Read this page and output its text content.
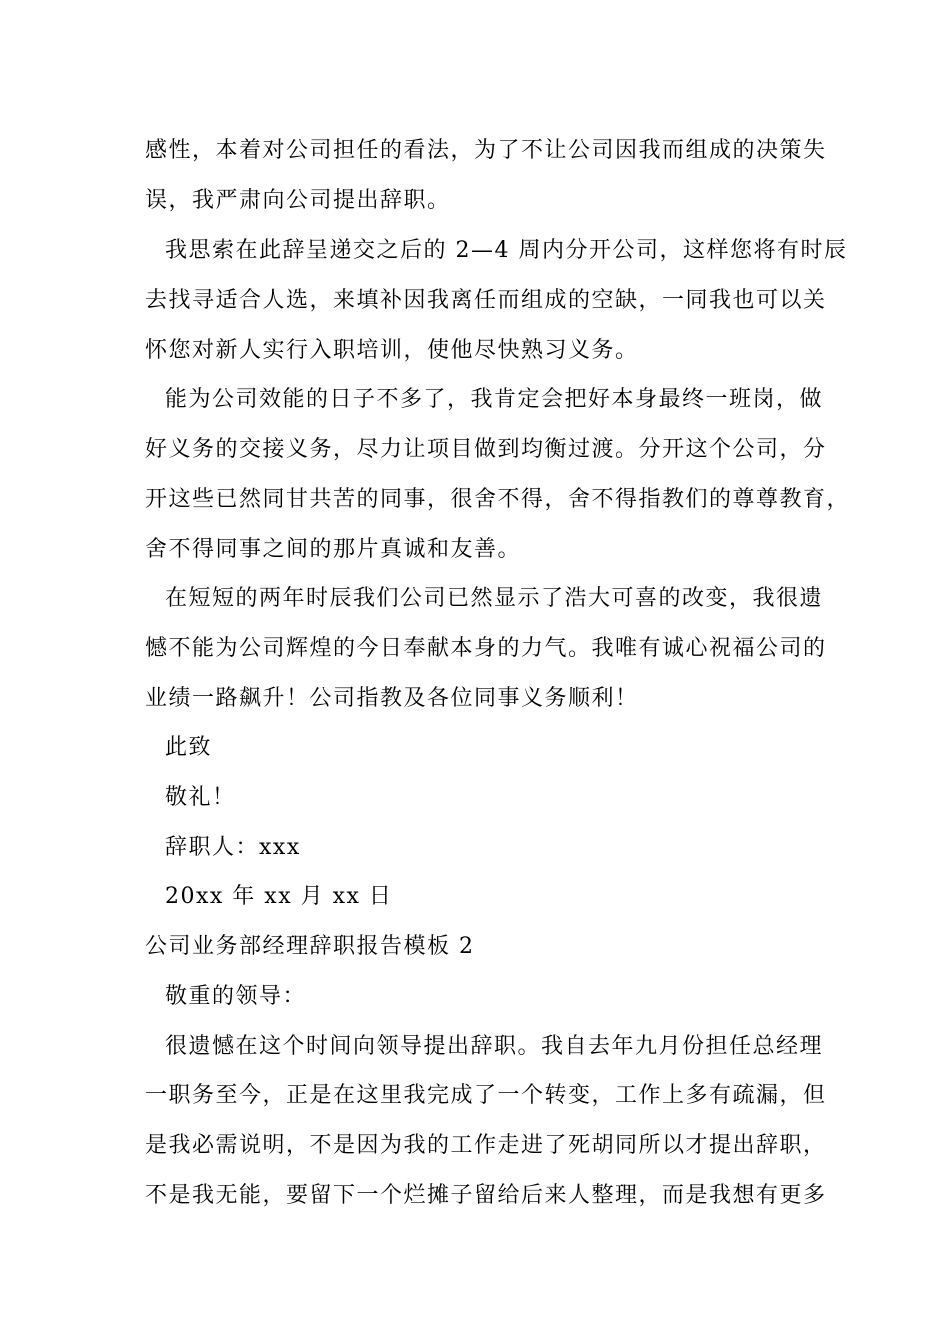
感性，本着对公司担任的看法，为了不让公司因我而组成的决策失
误，我严肃向公司提出辞职。
我思索在此辞呈递交之后的 2—4 周内分开公司，这样您将有时辰
去找寻适合人选，来填补因我离任而组成的空缺，一同我也可以关
怀您对新人实行入职培训，使他尽快熟习义务。
能为公司效能的日子不多了，我肯定会把好本身最终一班岗，做
好义务的交接义务，尽力让项目做到均衡过渡。分开这个公司，分
开这些已然同甘共苦的同事，很舍不得，舍不得指教们的尊尊教育，
舍不得同事之间的那片真诚和友善。
在短短的两年时辰我们公司已然显示了浩大可喜的改变，我很遗
憾不能为公司辉煌的今日奉献本身的力气。我唯有诚心祝福公司的
业绩一路飙升！公司指教及各位同事义务顺利！
此致
敬礼！
辞职人：xxx
20xx 年 xx 月 xx 日
公司业务部经理辞职报告模板 2
敬重的领导：
很遗憾在这个时间向领导提出辞职。我自去年九月份担任总经理
一职务至今，正是在这里我完成了一个转变，工作上多有疏漏，但
是我必需说明，不是因为我的工作走进了死胡同所以才提出辞职，
不是我无能，要留下一个烂摊子留给后来人整理，而是我想有更多
